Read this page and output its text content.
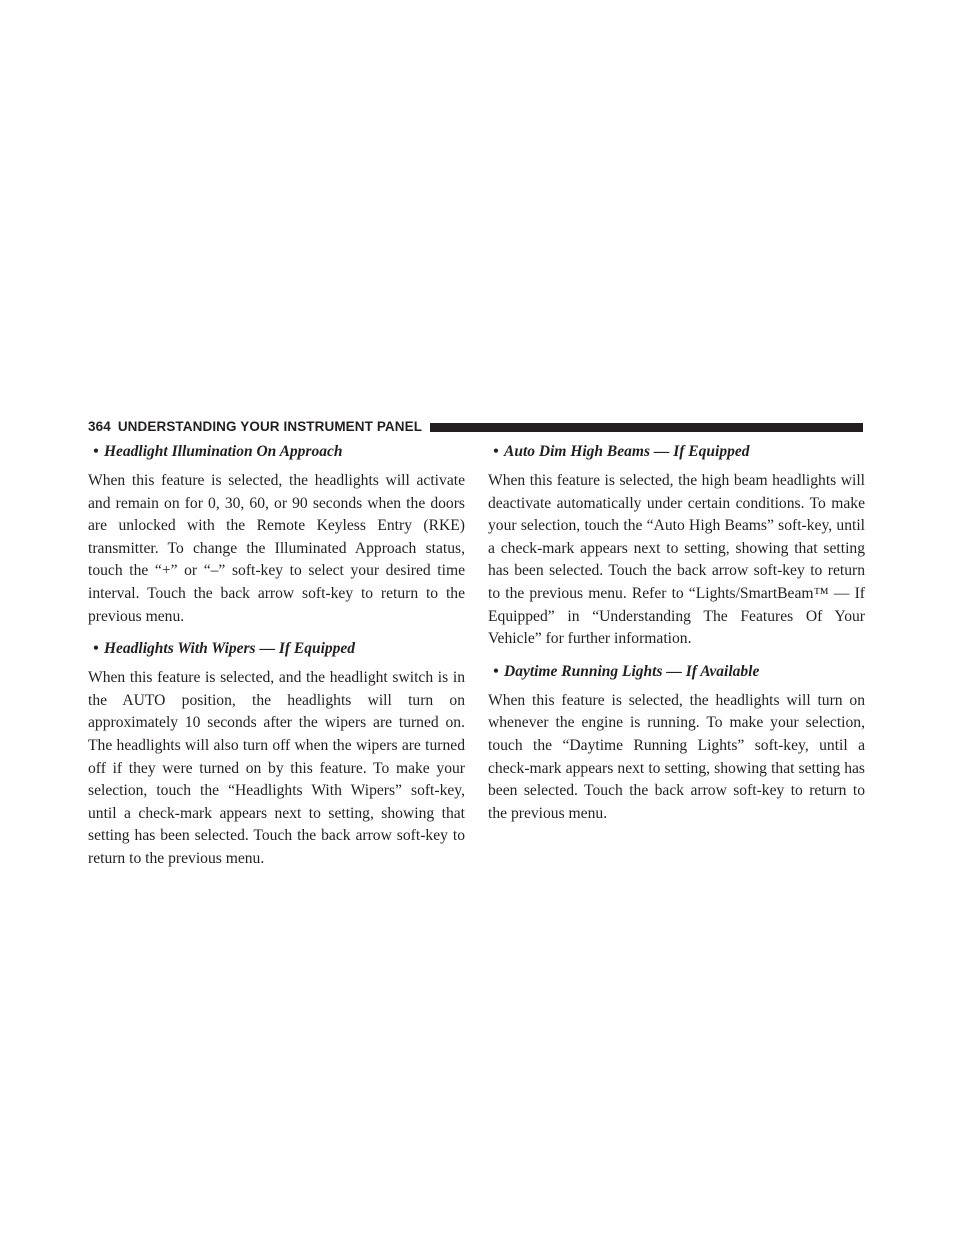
364 UNDERSTANDING YOUR INSTRUMENT PANEL
• Headlight Illumination On Approach

When this feature is selected, the headlights will activate and remain on for 0, 30, 60, or 90 seconds when the doors are unlocked with the Remote Keyless Entry (RKE) transmitter. To change the Illuminated Approach status, touch the “+” or “–” soft-key to select your desired time interval. Touch the back arrow soft-key to return to the previous menu.

• Headlights With Wipers — If Equipped

When this feature is selected, and the headlight switch is in the AUTO position, the headlights will turn on approximately 10 seconds after the wipers are turned on. The headlights will also turn off when the wipers are turned off if they were turned on by this feature. To make your selection, touch the “Headlights With Wipers” soft-key, until a check-mark appears next to setting, showing that setting has been selected. Touch the back arrow soft-key to return to the previous menu.

• Auto Dim High Beams — If Equipped

When this feature is selected, the high beam headlights will deactivate automatically under certain conditions. To make your selection, touch the “Auto High Beams” soft-key, until a check-mark appears next to setting, showing that setting has been selected. Touch the back arrow soft-key to return to the previous menu. Refer to “Lights/SmartBeam™ — If Equipped” in “Understanding The Features Of Your Vehicle” for further information.

• Daytime Running Lights — If Available

When this feature is selected, the headlights will turn on whenever the engine is running. To make your selection, touch the “Daytime Running Lights” soft-key, until a check-mark appears next to setting, showing that setting has been selected. Touch the back arrow soft-key to return to the previous menu.
